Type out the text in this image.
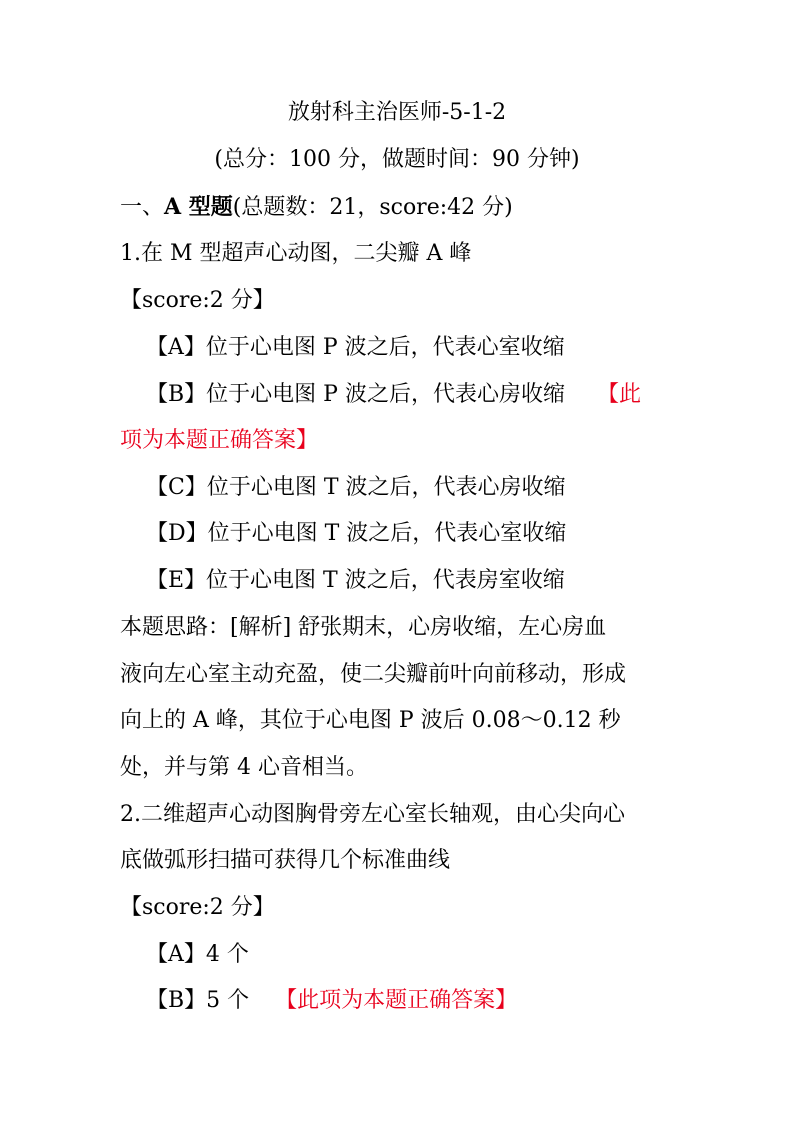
放射科主治医师-5-1-2
(总分：100 分，做题时间：90 分钟)
一、A 型题(总题数：21，score:42 分)
1.在 M 型超声心动图，二尖瓣 A 峰
【score:2 分】
【A】位于心电图 P 波之后，代表心室收缩
【B】位于心电图 P 波之后，代表心房收缩 【此
项为本题正确答案】
【C】位于心电图 T 波之后，代表心房收缩
【D】位于心电图 T 波之后，代表心室收缩
【E】位于心电图 T 波之后，代表房室收缩
本题思路：[解析] 舒张期末，心房收缩，左心房血
液向左心室主动充盈，使二尖瓣前叶向前移动，形成
向上的 A 峰，其位于心电图 P 波后 0.08～0.12 秒
处，并与第 4 心音相当。
2.二维超声心动图胸骨旁左心室长轴观，由心尖向心
底做弧形扫描可获得几个标准曲线
【score:2 分】
【A】4 个
【B】5 个 【此项为本题正确答案】
